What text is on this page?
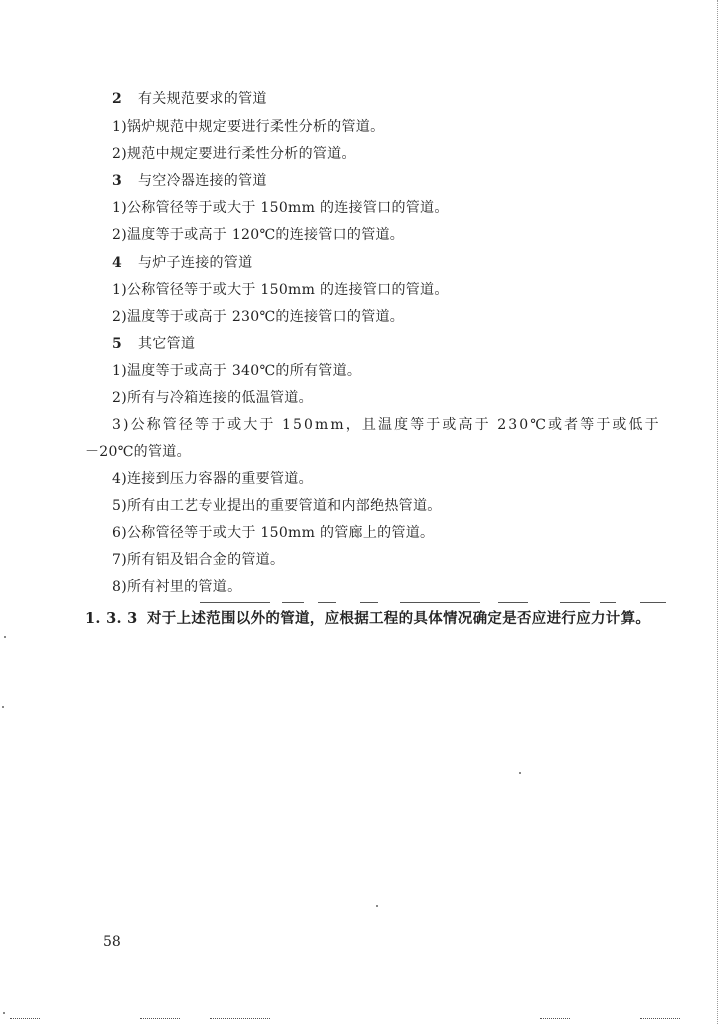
2 有关规范要求的管道
1)锅炉规范中规定要进行柔性分析的管道。
2)规范中规定要进行柔性分析的管道。
3 与空冷器连接的管道
1)公称管径等于或大于 150mm 的连接管口的管道。
2)温度等于或高于 120℃的连接管口的管道。
4 与炉子连接的管道
1)公称管径等于或大于 150mm 的连接管口的管道。
2)温度等于或高于 230℃的连接管口的管道。
5 其它管道
1)温度等于或高于 340℃的所有管道。
2)所有与冷箱连接的低温管道。
3)公称管径等于或大于 150mm，且温度等于或高于 230℃或者等于或低于
－20℃的管道。
4)连接到压力容器的重要管道。
5)所有由工艺专业提出的重要管道和内部绝热管道。
6)公称管径等于或大于 150mm 的管廊上的管道。
7)所有铝及铝合金的管道。
8)所有衬里的管道。
1. 3. 3 对于上述范围以外的管道，应根据工程的具体情况确定是否应进行应力计算。
58
